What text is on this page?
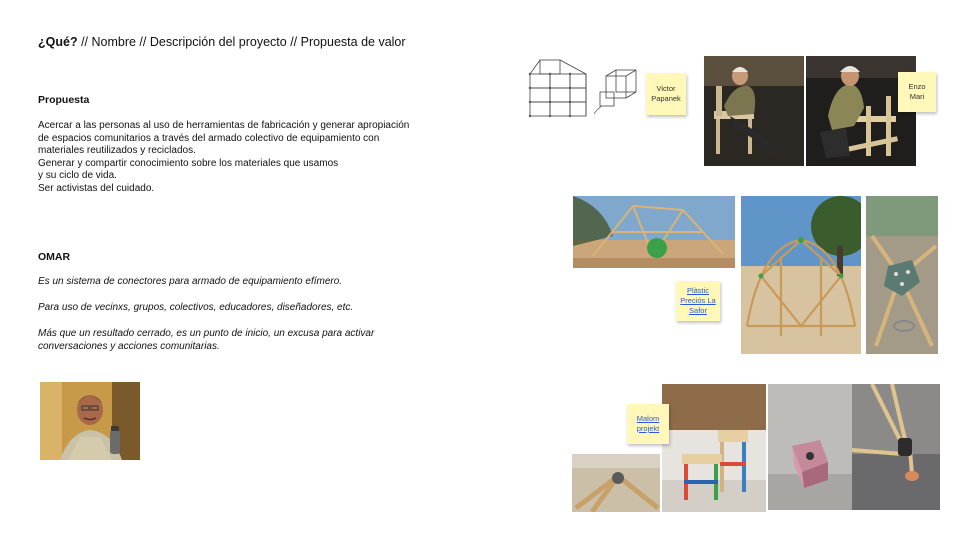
¿Qué? // Nombre // Descripción del proyecto // Propuesta de valor
Propuesta
Acercar a las personas al uso de herramientas de fabricación y generar apropiación
de espacios comunitarios a través del armado colectivo de equipamiento con
materiales reutilizados y reciclados.
Generar y compartir conocimiento sobre los materiales que usamos
y su ciclo de vida.
Ser activistas del cuidado.
OMAR
Es un sistema de conectores para armado de equipamiento efímero.
Para uso de vecinxs, grupos, colectivos, educadores, diseñadores, etc.
Más que un resultado cerrado, es un punto de inicio, un excusa para activar
conversaciones y acciones comunitarias.
Victor
Papanek
Enzo
Mari
Plàstic
Preciós La
Safor
Malom
projekt
